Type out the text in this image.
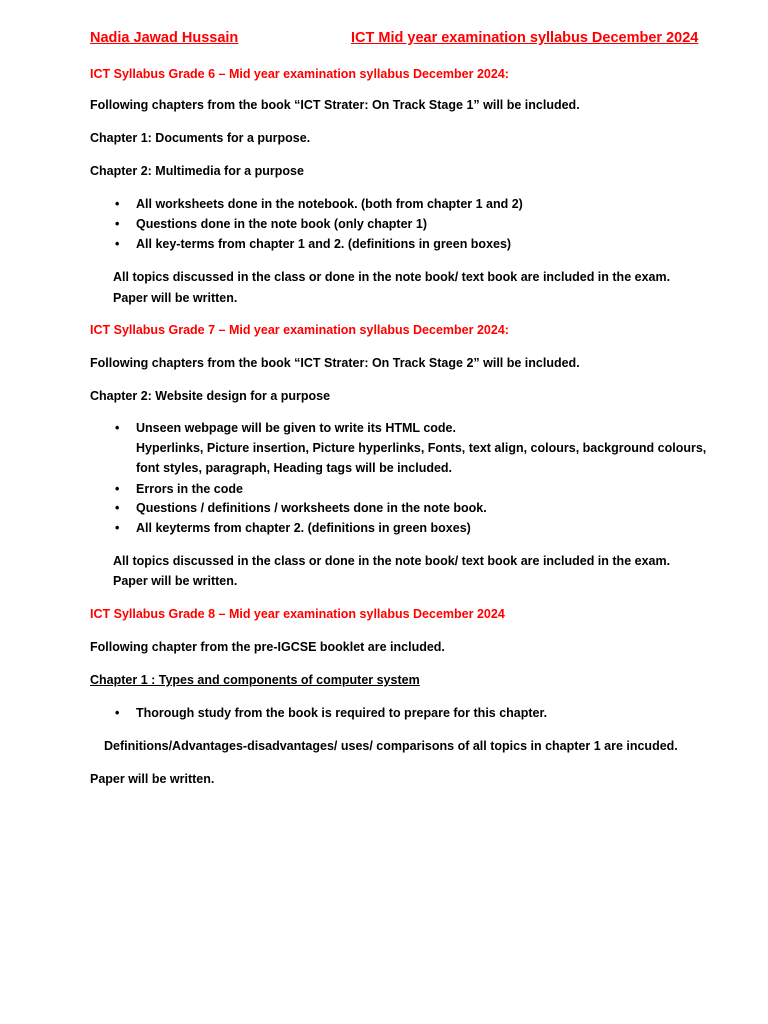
Nadia Jawad Hussain	ICT Mid year examination syllabus December 2024
ICT Syllabus Grade 6 – Mid year examination syllabus December 2024:
Following chapters from the book “ICT Strater: On Track Stage 1” will be included.
Chapter 1: Documents for a purpose.
Chapter 2: Multimedia for a purpose
• All worksheets done in the notebook. (both from chapter 1 and 2)
• Questions done in the note book (only chapter 1)
• All key-terms from chapter 1 and 2. (definitions in green boxes)
All topics discussed in the class or done in the note book/ text book are included in the exam.
Paper will be written.
ICT Syllabus Grade 7 – Mid year examination syllabus December 2024:
Following chapters from the book “ICT Strater: On Track Stage 2” will be included.
Chapter 2: Website design for a purpose
• Unseen webpage will be given to write its HTML code.
Hyperlinks, Picture insertion, Picture hyperlinks, Fonts, text align, colours, background colours,
font styles, paragraph, Heading tags will be included.
• Errors in the code
• Questions / definitions / worksheets done in the note book.
• All keyterms from chapter 2. (definitions in green boxes)
All topics discussed in the class or done in the note book/ text book are included in the exam.
Paper will be written.
ICT Syllabus Grade 8 – Mid year examination syllabus December 2024
Following chapter from the pre-IGCSE booklet are included.
Chapter 1 : Types and components of computer system
• Thorough study from the book is required to prepare for this chapter.
Definitions/Advantages-disadvantages/ uses/ comparisons of all topics in chapter 1 are incuded.
Paper will be written.
